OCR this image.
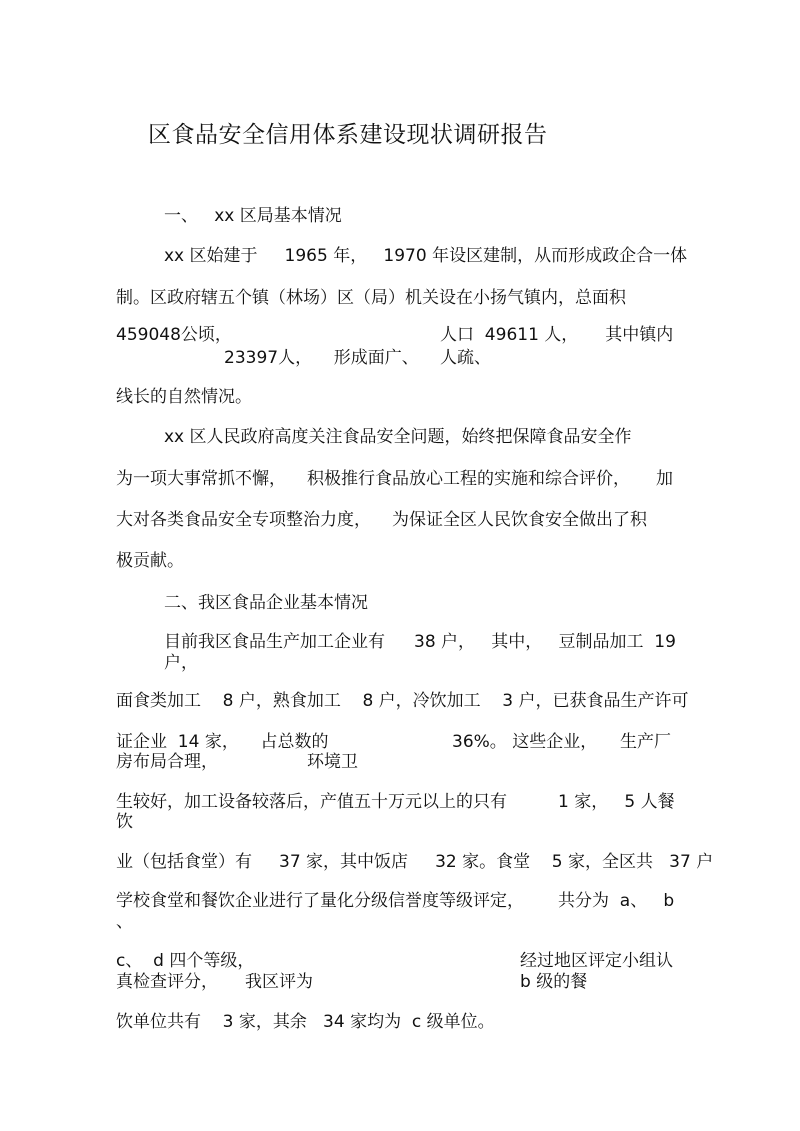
区食品安全信用体系建设现状调研报告
一、   xx 区局基本情况
xx 区始建于     1965 年，   1970 年设区建制，从而形成政企合一体
制。区政府辖五个镇（林场）区（局）机关设在小扬气镇内，总面积
459048公顷，	人口  49611 人，     其中镇内
23397人，    形成面广、 人疏、
线长的自然情况。
xx 区人民政府高度关注食品安全问题，始终把保障食品安全作
为一项大事常抓不懈， 积极推行食品放心工程的实施和综合评价， 加
大对各类食品安全专项整治力度， 为保证全区人民饮食安全做出了积
极贡献。
二、我区食品企业基本情况
目前我区食品生产加工企业有 38 户，   其中，   豆制品加工  19
户，
面食类加工    8 户，熟食加工    8 户，冷饮加工    3 户，已获食品生产许可
证企业  14 家，    占总数的	36%。 这些企业， 生产厂
房布局合理，	环境卫
生较好，加工设备较落后，产值五十万元以上的只有	1 家，   5 人餐
饮
业（包括食堂）有     37 家，其中饭店     32 家。食堂    5 家，全区共   37 户
学校食堂和餐饮企业进行了量化分级信誉度等级评定， 共分为  a、   b
、
c、  d 四个等级，	经过地区评定小组认
真检查评分， 我区评为	b 级的餐
饮单位共有    3 家，其余   34 家均为  c 级单位。
